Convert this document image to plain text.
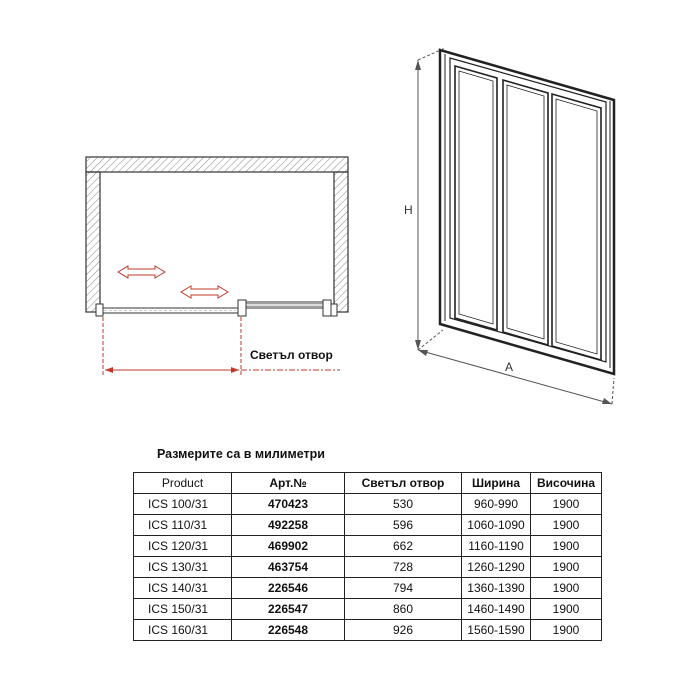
Светъл отвор
H
A
Размерите са в милиметри
Product	Арт.№	Светъл отвор	Ширина	Височина
ICS 100/31	470423	530	960-990	1900
ICS 110/31	492258	596	1060-1090	1900
ICS 120/31	469902	662	1160-1190	1900
ICS 130/31	463754	728	1260-1290	1900
ICS 140/31	226546	794	1360-1390	1900
ICS 150/31	226547	860	1460-1490	1900
ICS 160/31	226548	926	1560-1590	1900
